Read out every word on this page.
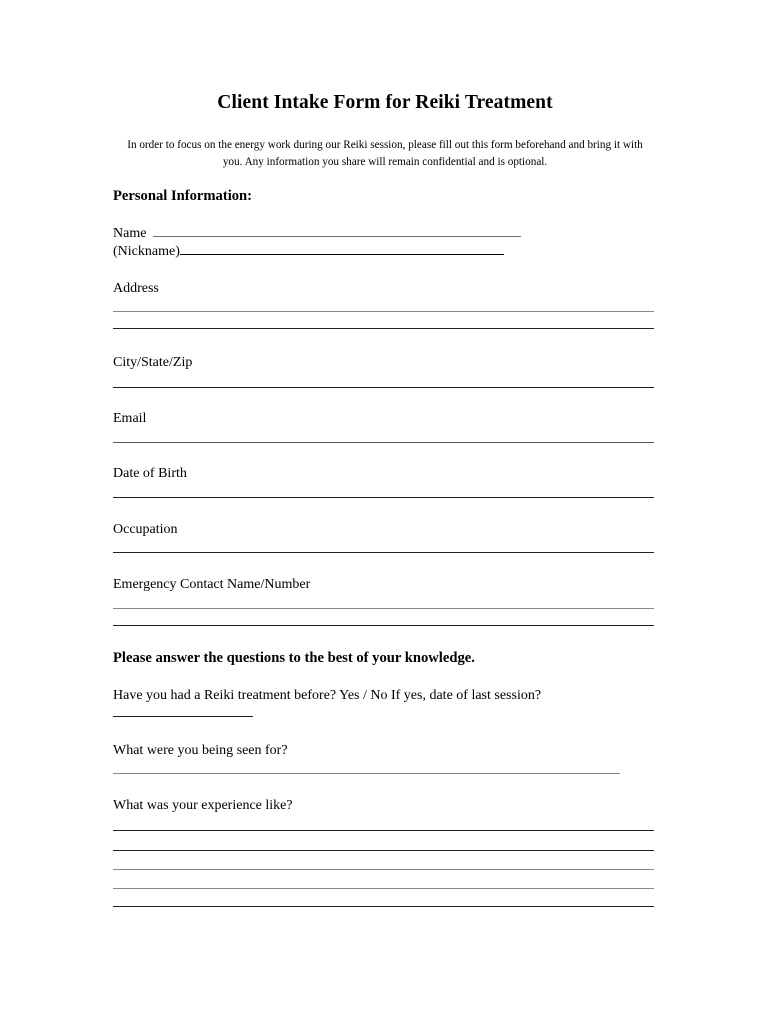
Client Intake Form for Reiki Treatment
In order to focus on the energy work during our Reiki session, please fill out this form beforehand and bring it with you. Any information you share will remain confidential and is optional.
Personal Information:
Name
(Nickname)
Address
City/State/Zip
Email
Date of Birth
Occupation
Emergency Contact Name/Number
Please answer the questions to the best of your knowledge.
Have you had a Reiki treatment before? Yes / No If yes, date of last session?
What were you being seen for?
What was your experience like?
